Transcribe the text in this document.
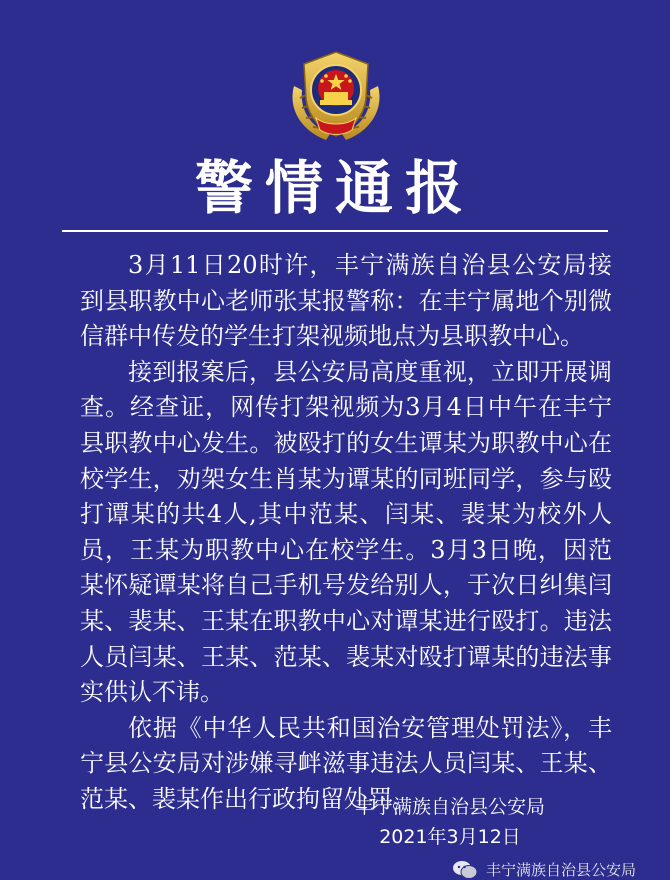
警情通报

3月11日20时许，丰宁满族自治县公安局接到县职教中心老师张某报警称：在丰宁属地个别微信群中传发的学生打架视频地点为县职教中心。

接到报案后，县公安局高度重视，立即开展调查。经查证，网传打架视频为3月4日中午在丰宁县职教中心发生。被殴打的女生谭某为职教中心在校学生，劝架女生肖某为谭某的同班同学，参与殴打谭某的共4人,其中范某、闫某、裴某为校外人员，王某为职教中心在校学生。3月3日晚，因范某怀疑谭某将自己手机号发给别人，于次日纠集闫某、裴某、王某在职教中心对谭某进行殴打。违法人员闫某、王某、范某、裴某对殴打谭某的违法事实供认不讳。

依据《中华人民共和国治安管理处罚法》，丰宁县公安局对涉嫌寻衅滋事违法人员闫某、王某、范某、裴某作出行政拘留处罚。

丰宁满族自治县公安局
2021年3月12日
丰宁满族自治县公安局
